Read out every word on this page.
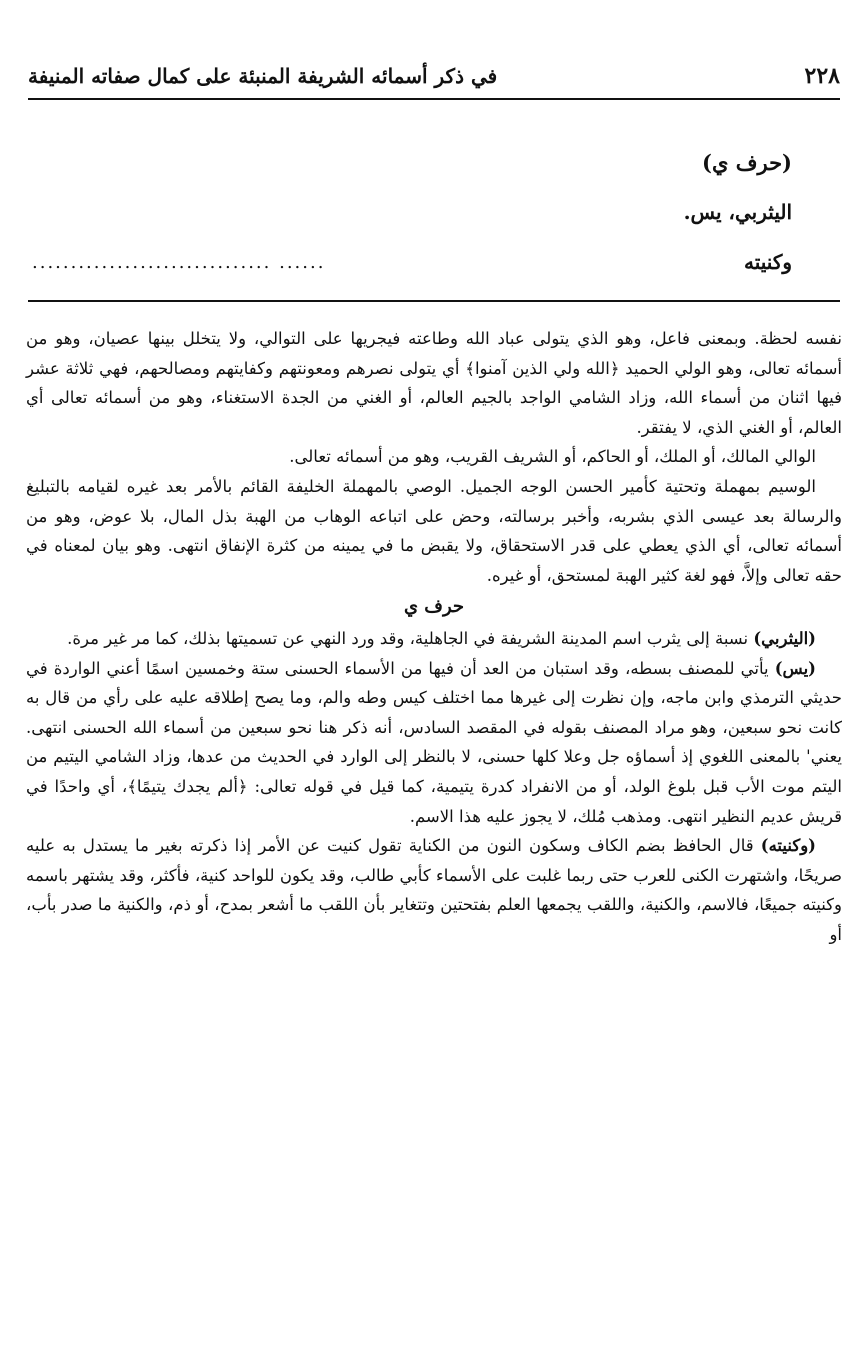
٢٢٨
في ذكر أسمائه الشريفة المنبئة على كمال صفاته المنيفة
(حرف ي)
اليثربي، يس.
وكنيته
...... ...............................

نفسه لحظة. وبمعنى فاعل، وهو الذي يتولى عباد الله وطاعته فيجريها على التوالي، ولا يتخلل بينها عصيان، وهو من أسمائه تعالى، وهو الولي الحميد ﴿الله ولي الذين آمنوا﴾ أي يتولى نصرهم ومعونتهم وكفايتهم ومصالحهم، فهي ثلاثة عشر فيها اثنان من أسماء الله، وزاد الشامي الواجد بالجيم العالم، أو الغني من الجدة الاستغناء، وهو من أسمائه تعالى أي العالم، أو الغني الذي، لا يفتقر.

الوالي المالك، أو الملك، أو الحاكم، أو الشريف القريب، وهو من أسمائه تعالى.

الوسيم بمهملة وتحتية كأمير الحسن الوجه الجميل. الوصي بالمهملة الخليفة القائم بالأمر بعد غيره لقيامه بالتبليغ والرسالة بعد عيسى الذي بشربه، وأخبر برسالته، وحض على اتباعه الوهاب من الهبة بذل المال، بلا عوض، وهو من أسمائه تعالى، أي الذي يعطي على قدر الاستحقاق، ولا يقبض ما في يمينه من كثرة الإنفاق انتهى. وهو بيان لمعناه في حقه تعالى وإلاَّ، فهو لغة كثير الهبة لمستحق، أو غيره.

حرف ي

(اليثربي) نسبة إلى يثرب اسم المدينة الشريفة في الجاهلية، وقد ورد النهي عن تسميتها بذلك، كما مر غير مرة.

(يس) يأتي للمصنف بسطه، وقد استبان من العد أن فيها من الأسماء الحسنى ستة وخمسين اسمًا أعني الواردة في حديثي الترمذي وابن ماجه، وإن نظرت إلى غيرها مما اختلف كيس وطه والم، وما يصح إطلاقه عليه على رأي من قال به كانت نحو سبعين، وهو مراد المصنف بقوله في المقصد السادس، أنه ذكر هنا نحو سبعين من أسماء الله الحسنى انتهى. يعني' بالمعنى اللغوي إذ أسماؤه جل وعلا كلها حسنى، لا بالنظر إلى الوارد في الحديث من عدها، وزاد الشامي اليتيم من اليتم موت الأب قبل بلوغ الولد، أو من الانفراد كدرة يتيمية، كما قيل في قوله تعالى: ﴿ألم يجدك يتيمًا﴾، أي واحدًا في قريش عديم النظير انتهى. ومذهب مُلك، لا يجوز عليه هذا الاسم.

(وكنيته) قال الحافظ بضم الكاف وسكون النون من الكناية تقول كنيت عن الأمر إذا ذكرته بغير ما يستدل به عليه صريحًا، واشتهرت الكنى للعرب حتى ربما غلبت على الأسماء كأبي طالب، وقد يكون للواحد كنية، فأكثر، وقد يشتهر باسمه وكنيته جميعًا، فالاسم، والكنية، واللقب يجمعها العلم بفتحتين وتتغاير بأن اللقب ما أشعر بمدح، أو ذم، والكنية ما صدر بأب، أو
